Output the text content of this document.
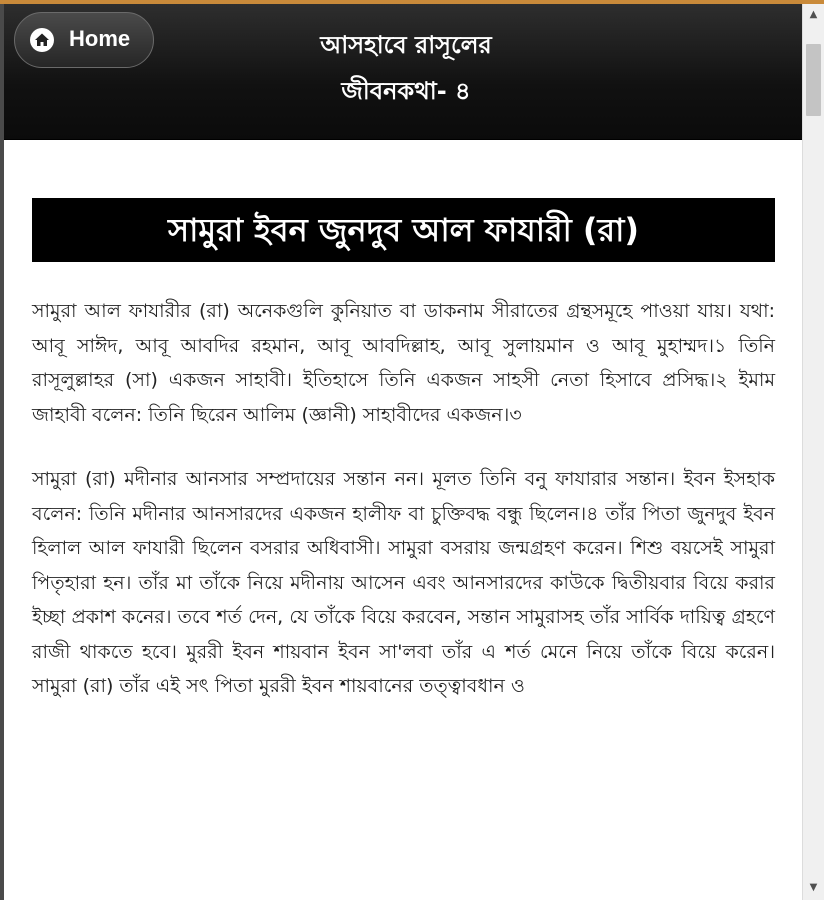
Home	আসহাবে রাসূলের
জীবনকথা- ৪
সামুরা ইবন জুনদুব আল ফাযারী (রা)

সামুরা আল ফাযারীর (রা) অনেকগুলি কুনিয়াত বা ডাকনাম সীরাতের গ্রন্থসমূহে পাওয়া যায়। যথা: আবূ সাঈদ, আবূ আবদির রহমান, আবূ আবদিল্লাহ, আবূ সুলায়মান ও আবূ মুহাম্মদ।১ তিনি রাসূলুল্লাহর (সা) একজন সাহাবী। ইতিহাসে তিনি একজন সাহসী নেতা হিসাবে প্রসিদ্ধ।২ ইমাম জাহাবী বলেন: তিনি ছিরেন আলিম (জ্ঞানী) সাহাবীদের একজন।৩

সামুরা (রা) মদীনার আনসার সম্প্রদায়ের সন্তান নন। মূলত তিনি বনু ফাযারার সন্তান। ইবন ইসহাক বলেন: তিনি মদীনার আনসারদের একজন হালীফ বা চুক্তিবদ্ধ বন্ধু ছিলেন।৪ তাঁর পিতা জুনদুব ইবন হিলাল আল ফাযারী ছিলেন বসরার অধিবাসী। সামুরা বসরায় জন্মগ্রহণ করেন। শিশু বয়সেই সামুরা পিতৃহারা হন। তাঁর মা তাঁকে নিয়ে মদীনায় আসেন এবং আনসারদের কাউকে দ্বিতীয়বার বিয়ে করার ইচ্ছা প্রকাশ কনের। তবে শর্ত দেন, যে তাঁকে বিয়ে করবেন, সন্তান সামুরাসহ তাঁর সার্বিক দায়িত্ব গ্রহণে রাজী থাকতে হবে। মুররী ইবন শায়বান ইবন সা'লবা তাঁর এ শর্ত মেনে নিয়ে তাঁকে বিয়ে করেন। সামুরা (রা) তাঁর এই সৎ পিতা মুররী ইবন শায়বানের তত্ত্বাবধান ও

▲
▼
